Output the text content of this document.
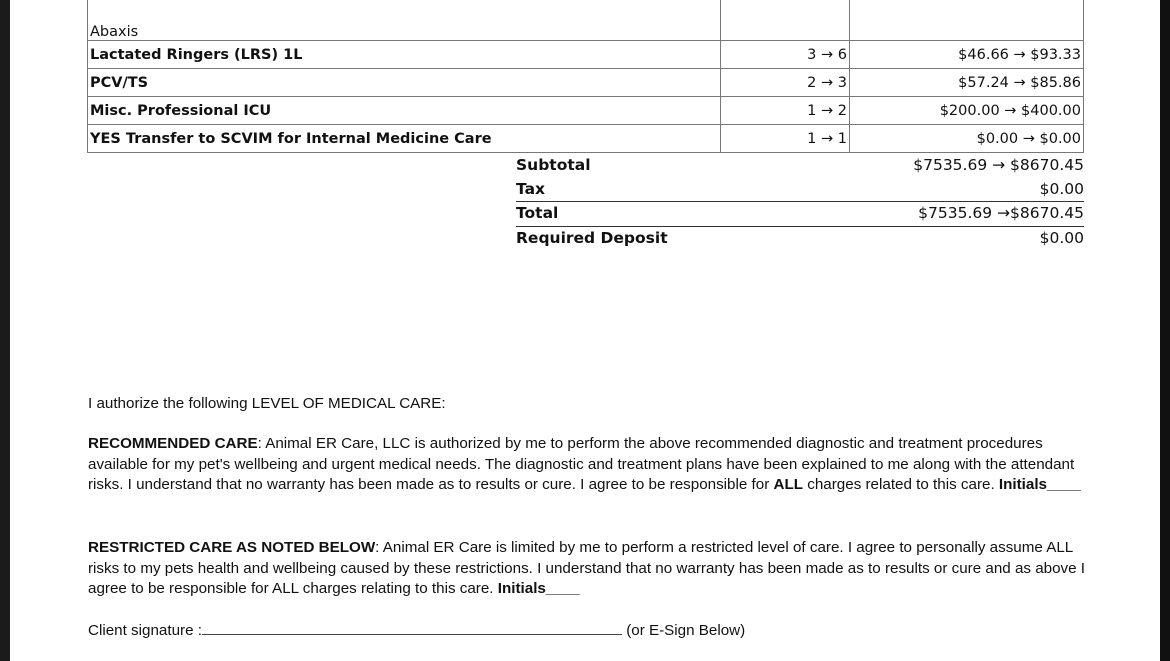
Abaxis		
Lactated Ringers (LRS) 1L	3 → 6	$46.66 → $93.33
PCV/TS	2 → 3	$57.24 → $85.86
Misc. Professional ICU	1 → 2	$200.00 → $400.00
YES Transfer to SCVIM for Internal Medicine Care	1 → 1	$0.00 → $0.00
Subtotal	$7535.69 → $8670.45
Tax	$0.00
Total	$7535.69 →$8670.45
Required Deposit	$0.00
I authorize the following LEVEL OF MEDICAL CARE:
RECOMMENDED CARE: Animal ER Care, LLC is authorized by me to perform the above recommended diagnostic and treatment procedures available for my pet's wellbeing and urgent medical needs. The diagnostic and treatment plans have been explained to me along with the attendant risks. I understand that no warranty has been made as to results or cure. I agree to be responsible for ALL charges related to this care. Initials____
RESTRICTED CARE AS NOTED BELOW: Animal ER Care is limited by me to perform a restricted level of care. I agree to personally assume ALL risks to my pets health and wellbeing caused by these restrictions. I understand that no warranty has been made as to results or cure and as above I agree to be responsible for ALL charges relating to this care. Initials____
Client signature :	(or E-Sign Below)
